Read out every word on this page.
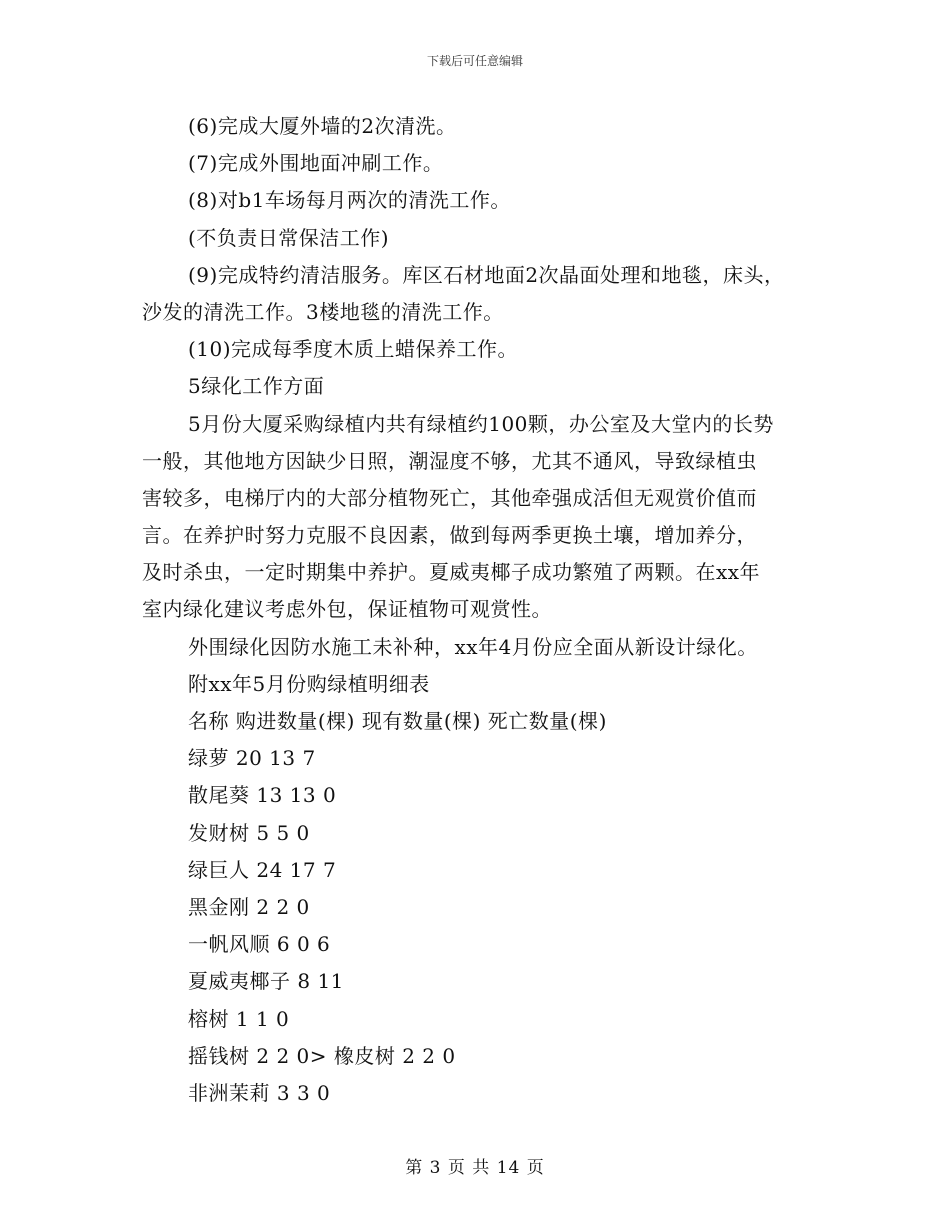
下载后可任意编辑
(6)完成大厦外墙的2次清洗。
(7)完成外围地面冲刷工作。
(8)对b1车场每月两次的清洗工作。
(不负责日常保洁工作)
(9)完成特约清洁服务。库区石材地面2次晶面处理和地毯，床头，
沙发的清洗工作。3楼地毯的清洗工作。
(10)完成每季度木质上蜡保养工作。
5绿化工作方面
5月份大厦采购绿植内共有绿植约100颗，办公室及大堂内的长势
一般，其他地方因缺少日照，潮湿度不够，尤其不通风，导致绿植虫
害较多，电梯厅内的大部分植物死亡，其他牵强成活但无观赏价值而
言。在养护时努力克服不良因素，做到每两季更换土壤，增加养分，
及时杀虫，一定时期集中养护。夏威夷椰子成功繁殖了两颗。在xx年
室内绿化建议考虑外包，保证植物可观赏性。
外围绿化因防水施工未补种，xx年4月份应全面从新设计绿化。
附xx年5月份购绿植明细表
名称 购进数量(棵) 现有数量(棵) 死亡数量(棵)
绿萝 20 13 7
散尾葵 13 13 0
发财树 5 5 0
绿巨人 24 17 7
黑金刚 2 2 0
一帆风顺 6 0 6
夏威夷椰子 8 11
榕树 1 1 0
摇钱树 2 2 0> 橡皮树 2 2 0
非洲茉莉 3 3 0
第 3 页 共 14 页
